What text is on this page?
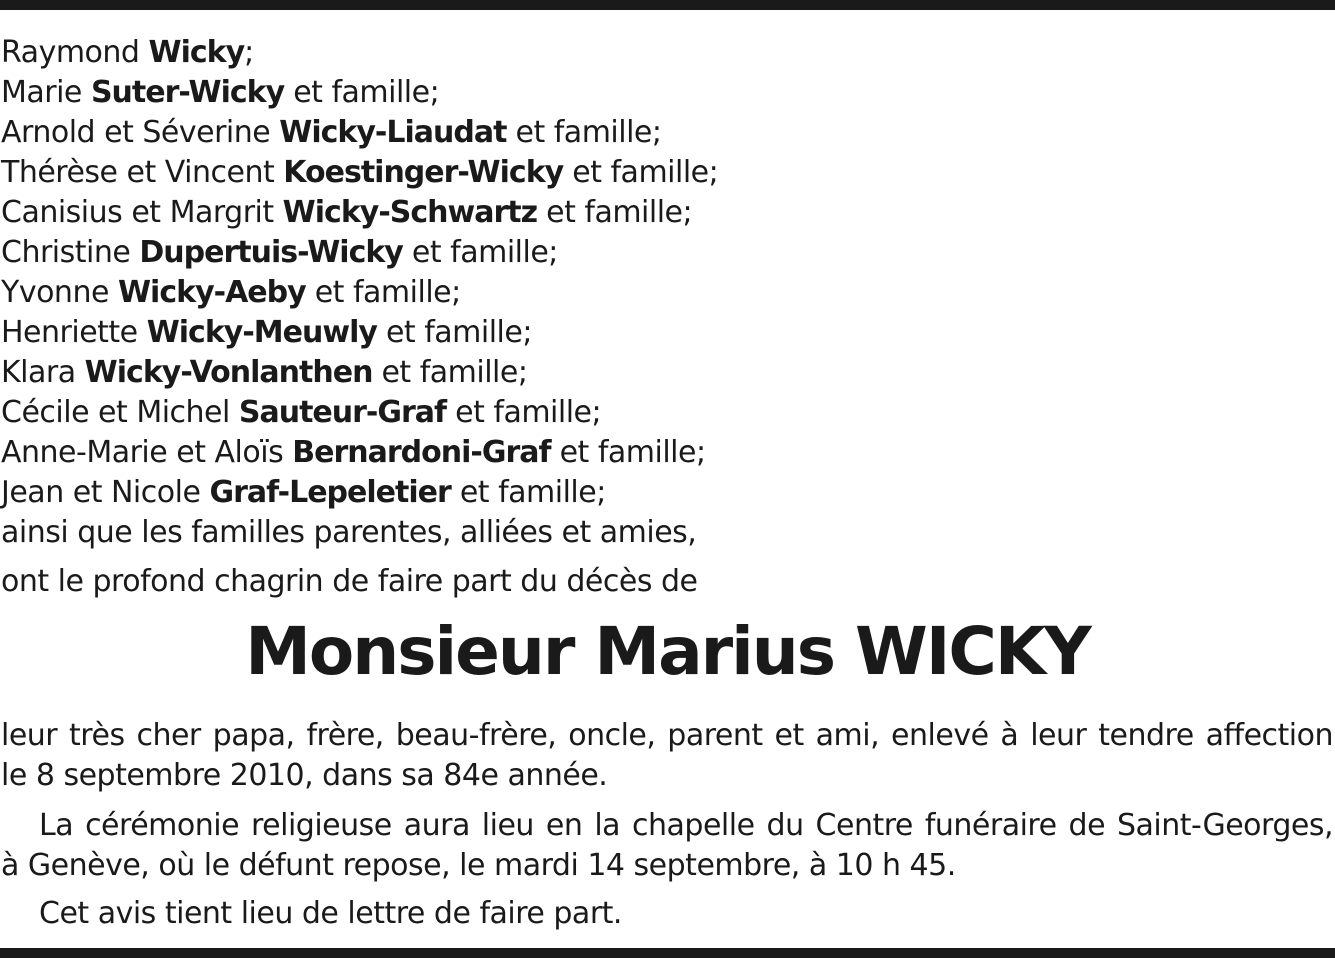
Raymond Wicky;
Marie Suter-Wicky et famille;
Arnold et Séverine Wicky-Liaudat et famille;
Thérèse et Vincent Koestinger-Wicky et famille;
Canisius et Margrit Wicky-Schwartz et famille;
Christine Dupertuis-Wicky et famille;
Yvonne Wicky-Aeby et famille;
Henriette Wicky-Meuwly et famille;
Klara Wicky-Vonlanthen et famille;
Cécile et Michel Sauteur-Graf et famille;
Anne-Marie et Aloïs Bernardoni-Graf et famille;
Jean et Nicole Graf-Lepeletier et famille;
ainsi que les familles parentes, alliées et amies,
ont le profond chagrin de faire part du décès de
Monsieur Marius WICKY
leur très cher papa, frère, beau-frère, oncle, parent et ami, enlevé à leur tendre affection
le 8 septembre 2010, dans sa 84e année.
La cérémonie religieuse aura lieu en la chapelle du Centre funéraire de Saint-Georges,
à Genève, où le défunt repose, le mardi 14 septembre, à 10 h 45.
Cet avis tient lieu de lettre de faire part.
